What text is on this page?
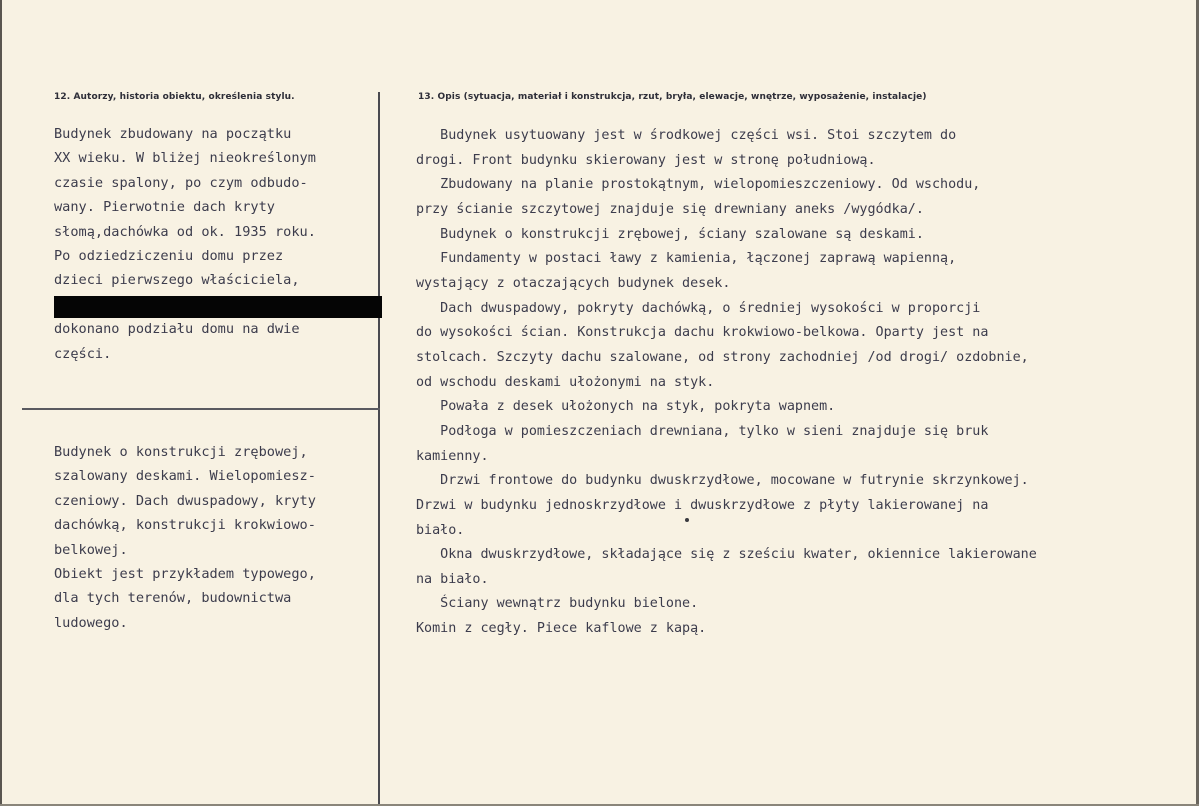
12. Autorzy, historia obiektu, określenia stylu.	13. Opis (sytuacja, materiał i konstrukcja, rzut, bryła, elewacje, wnętrze, wyposażenie, instalacje)
Budynek zbudowany na początku
XX wieku. W bliżej nieokreślonym
czasie spalony, po czym odbudo-
wany. Pierwotnie dach kryty
słomą,dachówka od ok. 1935 roku.
Po odziedziczeniu domu przez
dzieci pierwszego właściciela,

dokonano podziału domu na dwie
części.
Budynek o konstrukcji zrębowej,
szalowany deskami. Wielopomiesz-
czeniowy. Dach dwuspadowy, kryty
dachówką, konstrukcji krokwiowo-
belkowej.
Obiekt jest przykładem typowego,
dla tych terenów, budownictwa
ludowego.
Budynek usytuowany jest w środkowej części wsi. Stoi szczytem do
drogi. Front budynku skierowany jest w stronę południową.
Zbudowany na planie prostokątnym, wielopomieszczeniowy. Od wschodu,
przy ścianie szczytowej znajduje się drewniany aneks /wygódka/.
Budynek o konstrukcji zrębowej, ściany szalowane są deskami.
Fundamenty w postaci ławy z kamienia, łączonej zaprawą wapienną,
wystający z otaczających budynek desek.
Dach dwuspadowy, pokryty dachówką, o średniej wysokości w proporcji
do wysokości ścian. Konstrukcja dachu krokwiowo-belkowa. Oparty jest na
stolcach. Szczyty dachu szalowane, od strony zachodniej /od drogi/ ozdobnie,
od wschodu deskami ułożonymi na styk.
Powała z desek ułożonych na styk, pokryta wapnem.
Podłoga w pomieszczeniach drewniana, tylko w sieni znajduje się bruk
kamienny.
Drzwi frontowe do budynku dwuskrzydłowe, mocowane w futrynie skrzynkowej.
Drzwi w budynku jednoskrzydłowe i dwuskrzydłowe z płyty lakierowanej na
biało.
Okna dwuskrzydłowe, składające się z sześciu kwater, okiennice lakierowane
na biało.
Ściany wewnątrz budynku bielone.
Komin z cegły. Piece kaflowe z kapą.
